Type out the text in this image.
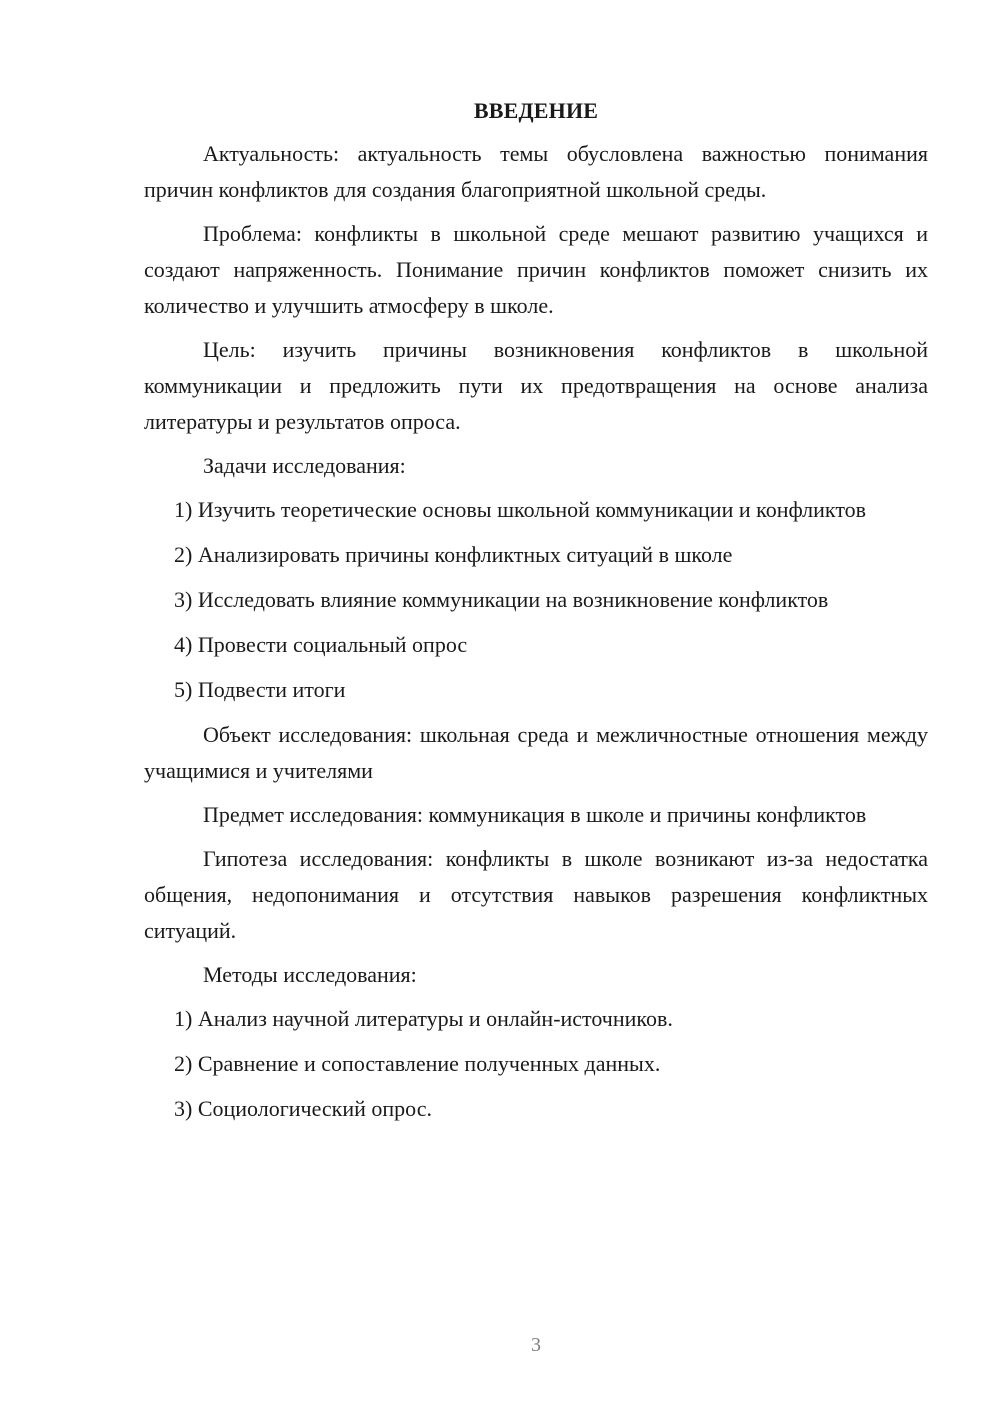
ВВЕДЕНИЕ

Актуальность: актуальность темы обусловлена важностью понимания причин конфликтов для создания благоприятной школьной среды.

Проблема: конфликты в школьной среде мешают развитию учащихся и создают напряженность. Понимание причин конфликтов поможет снизить их количество и улучшить атмосферу в школе.

Цель: изучить причины возникновения конфликтов в школьной коммуникации и предложить пути их предотвращения на основе анализа литературы и результатов опроса.

Задачи исследования:

1) Изучить теоретические основы школьной коммуникации и конфликтов

2) Анализировать причины конфликтных ситуаций в школе

3) Исследовать влияние коммуникации на возникновение конфликтов

4) Провести социальный опрос

5) Подвести итоги

Объект исследования: школьная среда и межличностные отношения между учащимися и учителями

Предмет исследования: коммуникация в школе и причины конфликтов

Гипотеза исследования: конфликты в школе возникают из-за недостатка общения, недопонимания и отсутствия навыков разрешения конфликтных ситуаций.

Методы исследования:

1) Анализ научной литературы и онлайн-источников.

2) Сравнение и сопоставление полученных данных.

3) Социологический опрос.

3
